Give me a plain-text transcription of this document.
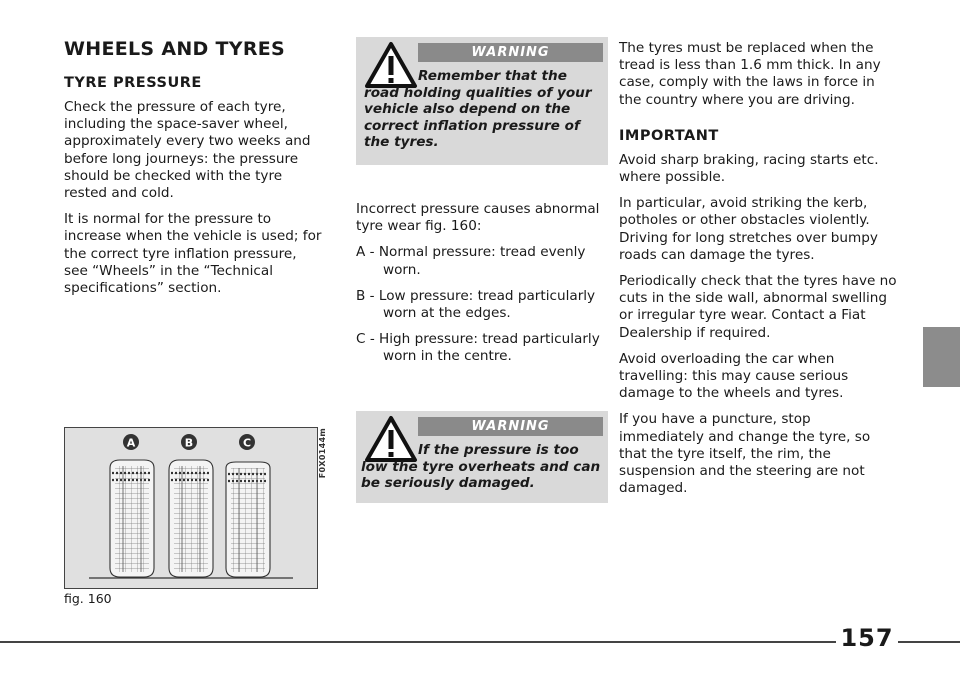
WHEELS AND TYRES
TYRE PRESSURE

Check the pressure of each tyre, including the space-saver wheel, approximately every two weeks and before long journeys: the pressure should be checked with the tyre rested and cold.

It is normal for the pressure to increase when the vehicle is used; for the correct tyre inflation pressure, see “Wheels” in the “Technical specifications” section.

A	B	C	F0X0144m
fig. 160
WARNING
Remember that the road holding qualities of your vehicle also depend on the correct inflation pressure of the tyres.

Incorrect pressure causes abnormal tyre wear fig. 160:

A - Normal pressure: tread evenly worn.

B - Low pressure: tread particularly worn at the edges.

C - High pressure: tread particularly worn in the centre.

WARNING
If the pressure is too low the tyre overheats and can be seriously damaged.

The tyres must be replaced when the tread is less than 1.6 mm thick. In any case, comply with the laws in force in the country where you are driving.

IMPORTANT

Avoid sharp braking, racing starts etc. where possible.

In particular, avoid striking the kerb, potholes or other obstacles violently. Driving for long stretches over bumpy roads can damage the tyres.

Periodically check that the tyres have no cuts in the side wall, abnormal swelling or irregular tyre wear. Contact a Fiat Dealership if required.

Avoid overloading the car when travelling: this may cause serious damage to the wheels and tyres.

If you have a puncture, stop immediately and change the tyre, so that the tyre itself, the rim, the suspension and the steering are not damaged.

157
